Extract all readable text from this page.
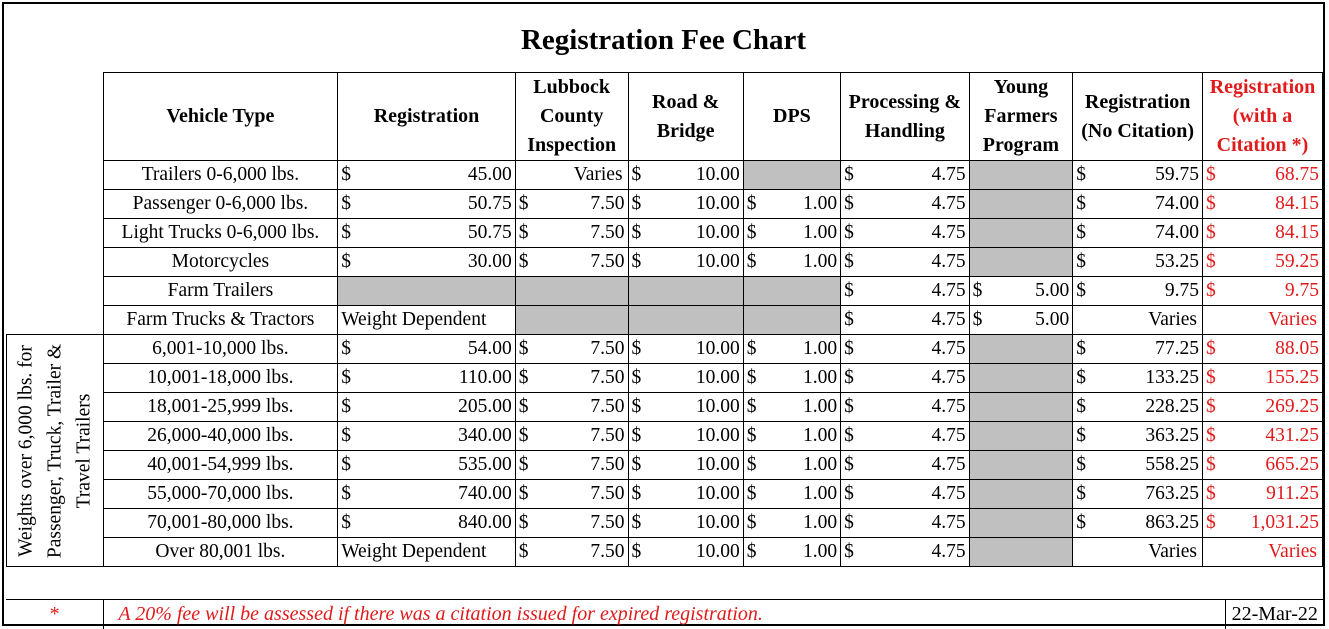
Registration Fee Chart
	Vehicle Type	Registration	Lubbock County Inspection	Road & Bridge	DPS	Processing & Handling	Young Farmers Program	Registration (No Citation)	Registration (with a Citation *)
	Trailers 0-6,000 lbs.	$ 45.00	Varies	$ 10.00		$ 4.75		$ 59.75	$ 68.75

	Passenger 0-6,000 lbs.	$ 50.75	$ 7.50	$ 10.00	$ 1.00	$ 4.75		$ 74.00	$ 84.15

	Light Trucks 0-6,000 lbs.	$ 50.75	$ 7.50	$ 10.00	$ 1.00	$ 4.75		$ 74.00	$ 84.15

	Motorcycles	$ 30.00	$ 7.50	$ 10.00	$ 1.00	$ 4.75		$ 53.25	$ 59.25

	Farm Trailers					$ 4.75	$ 5.00	$ 9.75	$ 9.75

	Farm Trucks & Tractors	Weight Dependent				$ 4.75	$ 5.00	Varies	Varies

Weights over 6,000 lbs. for Passenger, Truck, Trailer & Travel Trailers	6,001-10,000 lbs.	$ 54.00	$ 7.50	$ 10.00	$ 1.00	$ 4.75		$ 77.25	$ 88.05

	10,001-18,000 lbs.	$ 110.00	$ 7.50	$ 10.00	$ 1.00	$ 4.75		$ 133.25	$ 155.25

	18,001-25,999 lbs.	$ 205.00	$ 7.50	$ 10.00	$ 1.00	$ 4.75		$ 228.25	$ 269.25

	26,000-40,000 lbs.	$ 340.00	$ 7.50	$ 10.00	$ 1.00	$ 4.75		$ 363.25	$ 431.25

	40,001-54,999 lbs.	$ 535.00	$ 7.50	$ 10.00	$ 1.00	$ 4.75		$ 558.25	$ 665.25

	55,000-70,000 lbs.	$ 740.00	$ 7.50	$ 10.00	$ 1.00	$ 4.75		$ 763.25	$ 911.25

	70,001-80,000 lbs.	$ 840.00	$ 7.50	$ 10.00	$ 1.00	$ 4.75		$ 863.25	$ 1,031.25

	Over 80,001 lbs.	Weight Dependent	$ 7.50	$ 10.00	$ 1.00	$ 4.75		Varies	Varies

*	A 20% fee will be assessed if there was a citation issued for expired registration.	22-Mar-22
